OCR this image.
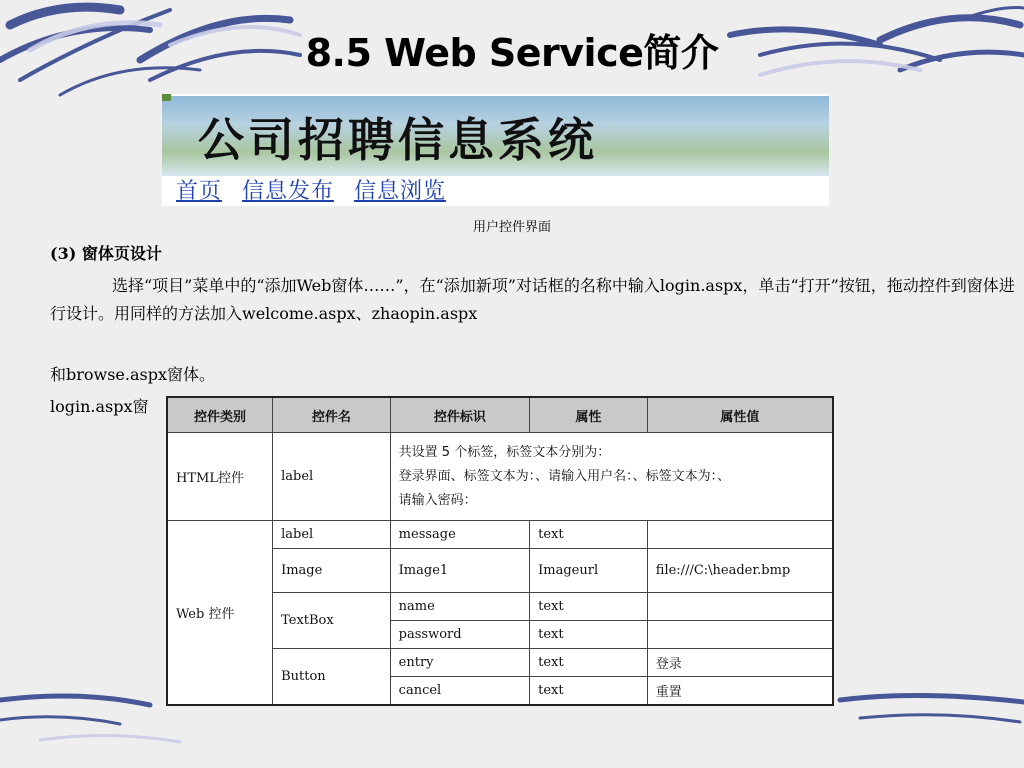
8.5 Web Service简介
公司招聘信息系统
首页 信息发布 信息浏览
用户控件界面
(3) 窗体页设计
选择“项目”菜单中的“添加Web窗体……”，在“添加新项”对话框的名称中输入login.aspx，单击“打开”按钮，拖动控件到窗体进行设计。用同样的方法加入welcome.aspx、zhaopin.aspx
和browse.aspx窗体。
login.aspx窗
控件类别	控件名	控件标识	属性	属性值
HTML控件	label	共设置 5 个标签，标签文本分别为：
登录界面、标签文本为：、请输入用户名：、标签文本为：、
请输入密码：		

Web 控件	label	message	text	
	Image	Image1	Imageurl	file:///C:\header.bmp
	TextBox	name	text	
		password	text	
	Button	entry	text	登录
		cancel	text	重置
